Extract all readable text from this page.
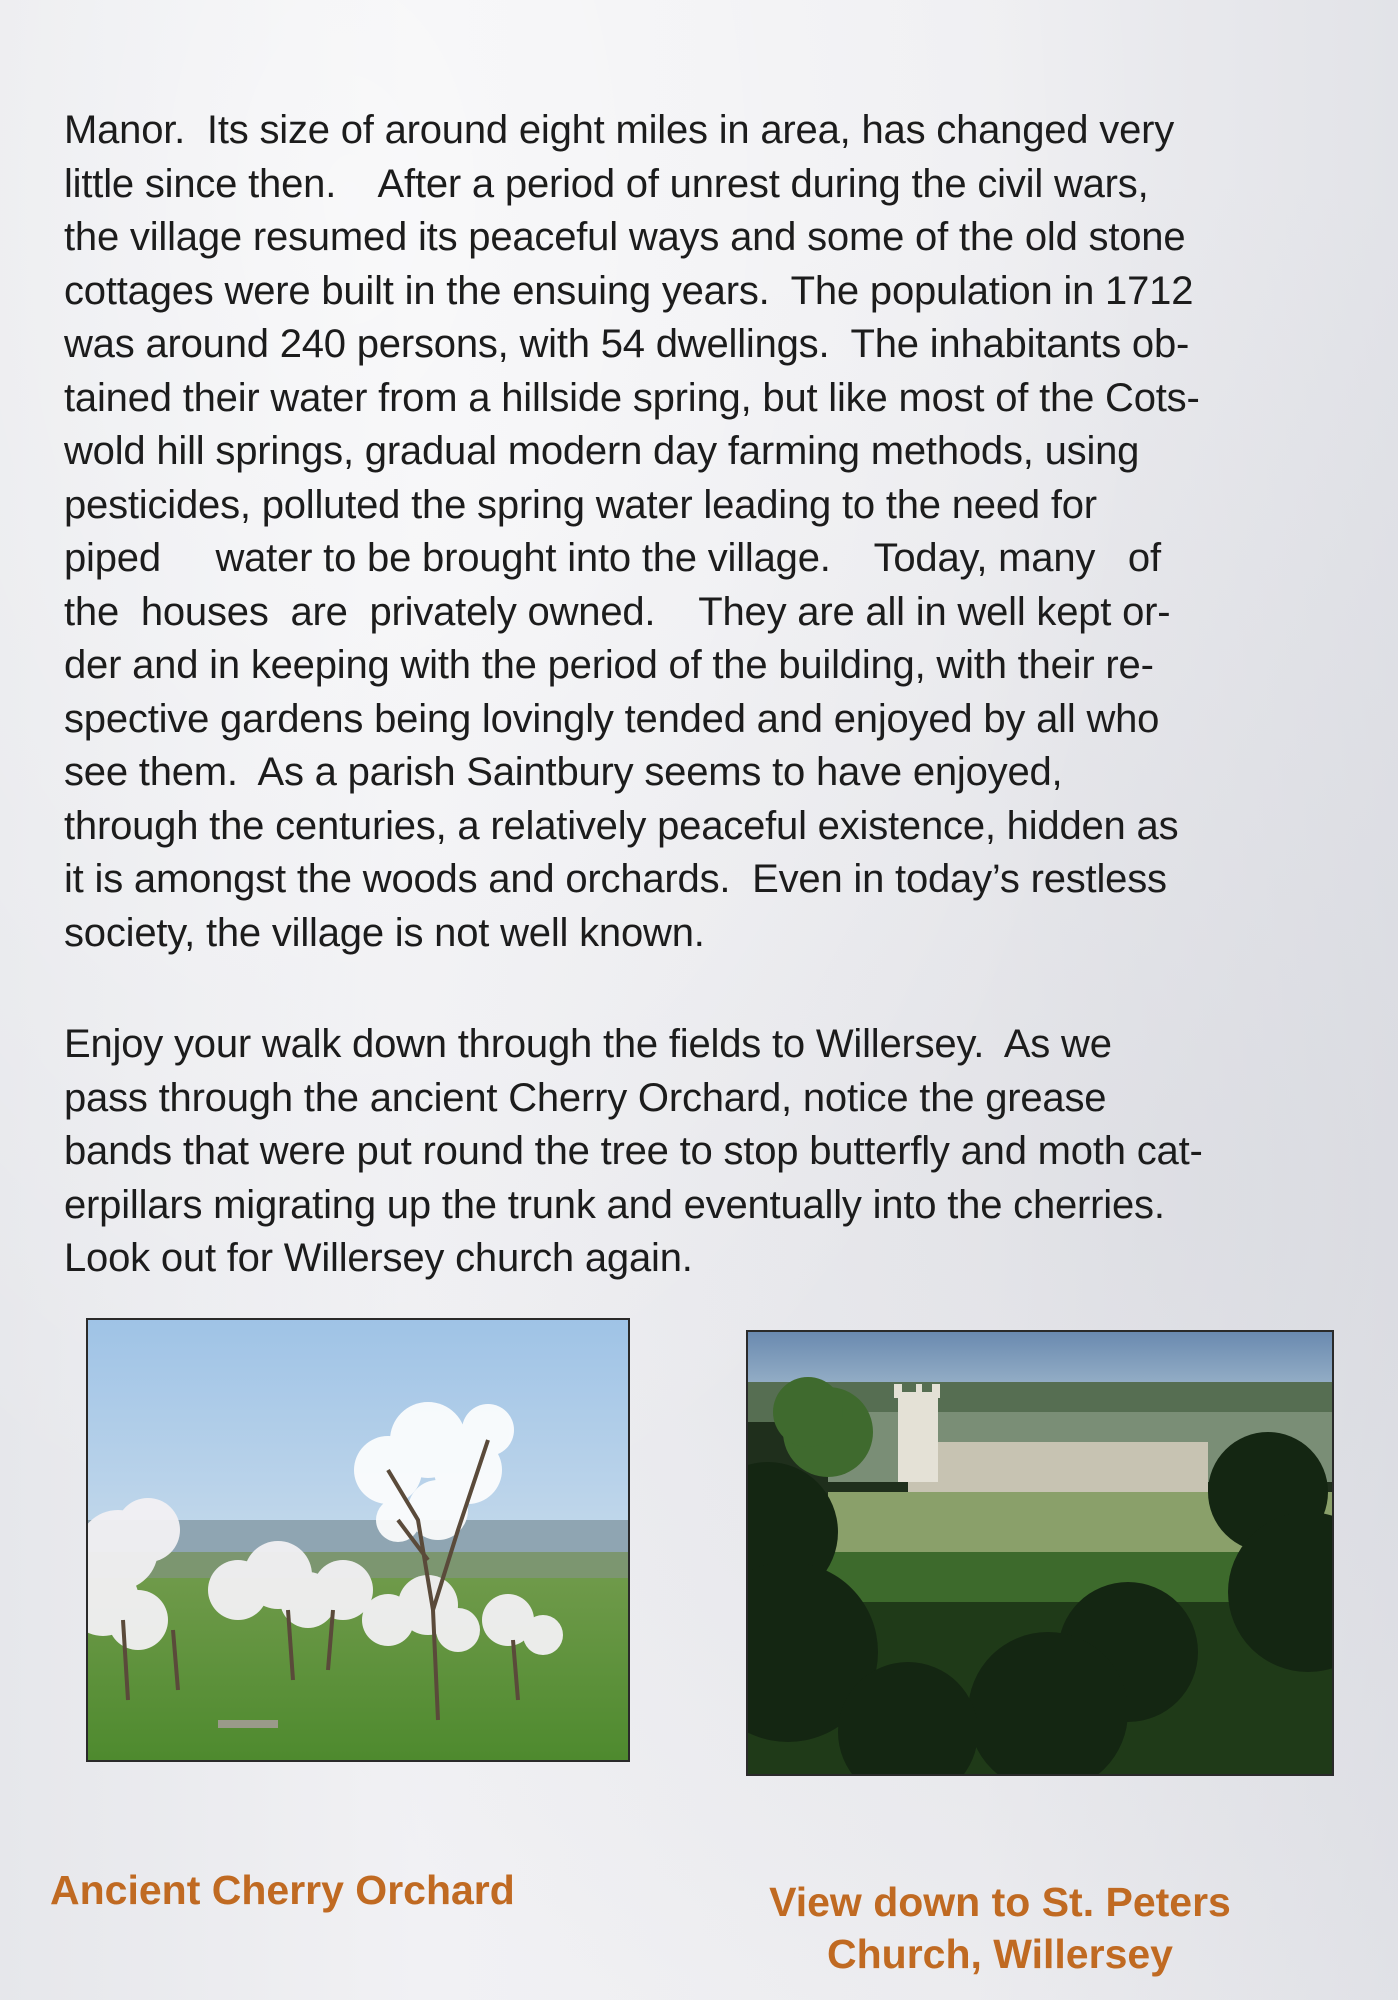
Manor.  Its size of around eight miles in area, has changed very
little since then.    After a period of unrest during the civil wars,
the village resumed its peaceful ways and some of the old stone
cottages were built in the ensuing years.  The population in 1712
was around 240 persons, with 54 dwellings.  The inhabitants ob-
tained their water from a hillside spring, but like most of the Cots-
wold hill springs, gradual modern day farming methods, using
pesticides, polluted the spring water leading to the need for
piped     water to be brought into the village.    Today, many   of
the  houses  are  privately owned.    They are all in well kept or-
der and in keeping with the period of the building, with their re-
spective gardens being lovingly tended and enjoyed by all who
see them.  As a parish Saintbury seems to have enjoyed,
through the centuries, a relatively peaceful existence, hidden as
it is amongst the woods and orchards.  Even in today’s restless
society, the village is not well known.
Enjoy your walk down through the fields to Willersey.  As we
pass through the ancient Cherry Orchard, notice the grease
bands that were put round the tree to stop butterfly and moth cat-
erpillars migrating up the trunk and eventually into the cherries.
Look out for Willersey church again.
Ancient Cherry Orchard	View down to St. Peters
Church, Willersey
